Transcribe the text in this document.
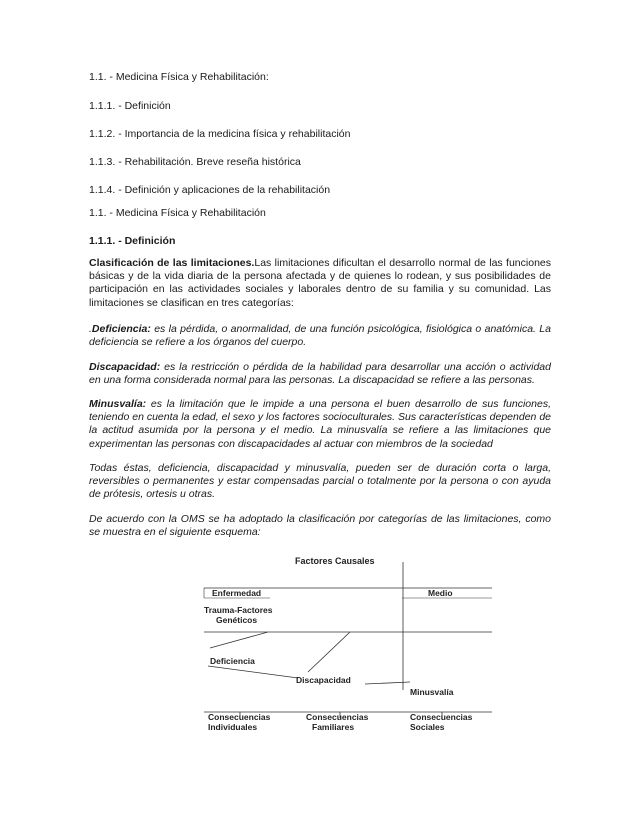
1.1. - Medicina Física y Rehabilitación:
1.1.1. - Definición
1.1.2. - Importancia de la medicina física y rehabilitación
1.1.3. - Rehabilitación. Breve reseña histórica
1.1.4. - Definición y aplicaciones de la rehabilitación
1.1. - Medicina Física y Rehabilitación
1.1.1. - Definición
Clasificación de las limitaciones.Las limitaciones dificultan el desarrollo normal de las funciones básicas y de la vida diaria de la persona afectada y de quienes lo rodean, y sus posibilidades de participación en las actividades sociales y laborales dentro de su familia y su comunidad. Las limitaciones se clasifican en tres categorías:
.Deficiencia: es la pérdida, o anormalidad, de una función psicológica, fisiológica o anatómica. La deficiencia se refiere a los órganos del cuerpo.
Discapacidad: es la restricción o pérdida de la habilidad para desarrollar una acción o actividad en una forma considerada normal para las personas. La discapacidad se refiere a las personas.
Minusvalía: es la limitación que le impide a una persona el buen desarrollo de sus funciones, teniendo en cuenta la edad, el sexo y los factores socioculturales. Sus características dependen de la actitud asumida por la persona y el medio. La minusvalía se refiere a las limitaciones que experimentan las personas con discapacidades al actuar con miembros de la sociedad
Todas éstas, deficiencia, discapacidad y minusvalía, pueden ser de duración corta o larga, reversibles o permanentes y estar compensadas parcial o totalmente por la persona o con ayuda de prótesis, ortesis u otras.
De acuerdo con la OMS se ha adoptado la clasificación por categorías de las limitaciones, como se muestra en el siguiente esquema:
Factores Causales
Enfermedad	Medio
Trauma-Factores
Genéticos
Deficiencia
Discapacidad
Minusvalía
Consecuencias
Individuales
Consecuencias
Familiares
Consecuencias
Sociales
